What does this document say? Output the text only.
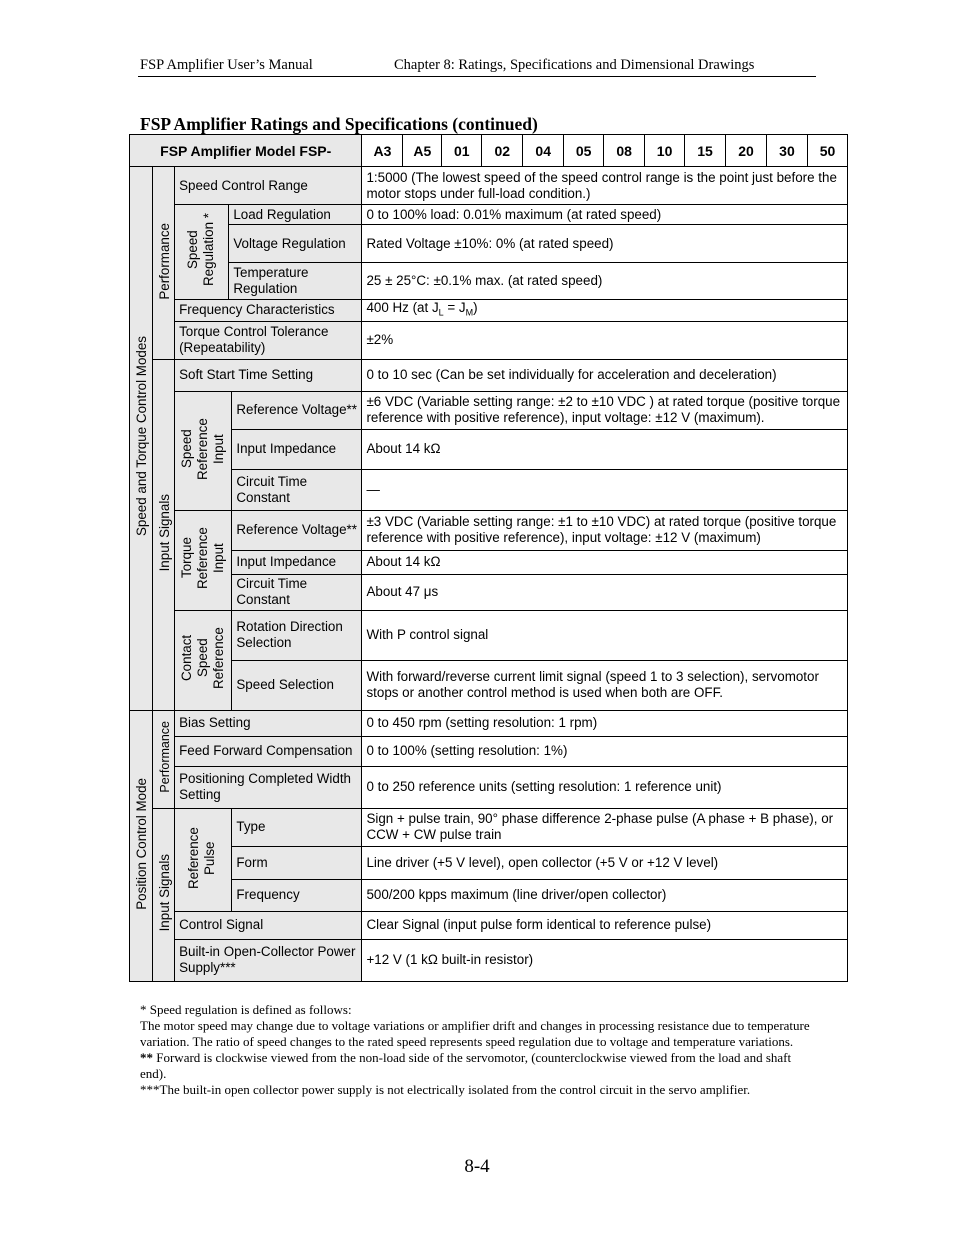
FSP Amplifier User’s Manual	Chapter 8: Ratings, Specifications and Dimensional Drawings
FSP Amplifier Ratings and Specifications (continued)
FSP Amplifier Model FSP-					A3	A5	01	02	04	05	08	10	15	20	30	50
Speed and Torque Control Modes	Performance	Speed Control Range			1:5000 (The lowest speed of the speed control range is the point just before the motor stops under full-load condition.)											
		Speed Regulation *	Load Regulation		0 to 100% load: 0.01% maximum (at rated speed)											
			Voltage Regulation		Rated Voltage ±10%: 0% (at rated speed)											
			Temperature Regulation		25 ± 25°C: ±0.1% max. (at rated speed)											
		Frequency Characteristics			400 Hz (at $J_L = J_M$)											
		Torque Control Tolerance (Repeatability)			±2%											
	Input Signals	Soft Start Time Setting			0 to 10 sec (Can be set individually for acceleration and deceleration)											
		Speed Reference Input		Reference Voltage**	±6 VDC (Variable setting range: ±2 to ±10 VDC ) at rated torque (positive torque reference with positive reference), input voltage: ±12 V (maximum).											
				Input Impedance	About 14 kΩ											
				Circuit Time Constant	—											
		Torque Reference Input		Reference Voltage**	±3 VDC (Variable setting range: ±1 to ±10 VDC) at rated torque (positive torque reference with positive reference), input voltage: ±12 V (maximum)											
				Input Impedance	About 14 kΩ											
				Circuit Time Constant	About 47 μs											
		Contact Speed Reference		Rotation Direction Selection	With P control signal											
				Speed Selection	With forward/reverse current limit signal (speed 1 to 3 selection), servomotor stops or another control method is used when both are OFF.											
Position Control Mode	Performance	Bias Setting			0 to 450 rpm (setting resolution: 1 rpm)											
		Feed Forward Compensation			0 to 100% (setting resolution: 1%)											
		Positioning Completed Width Setting			0 to 250 reference units (setting resolution: 1 reference unit)											
	Input Signals	Reference Pulse		Type	Sign + pulse train, 90° phase difference 2-phase pulse (A phase + B phase), or CCW + CW pulse train											
				Form	Line driver (+5 V level), open collector (+5 V or +12 V level)											
				Frequency	500/200 kpps maximum (line driver/open collector)											
		Control Signal			Clear Signal (input pulse form identical to reference pulse)											
		Built-in Open-Collector Power Supply***			+12 V (1 kΩ built-in resistor)											

* Speed regulation is defined as follows:

The motor speed may change due to voltage variations or amplifier drift and changes in processing resistance due to temperature variation. The ratio of speed changes to the rated speed represents speed regulation due to voltage and temperature variations.

** Forward is clockwise viewed from the non-load side of the servomotor, (counterclockwise viewed from the load and shaft end).

***The built-in open collector power supply is not electrically isolated from the control circuit in the servo amplifier.

8-4
